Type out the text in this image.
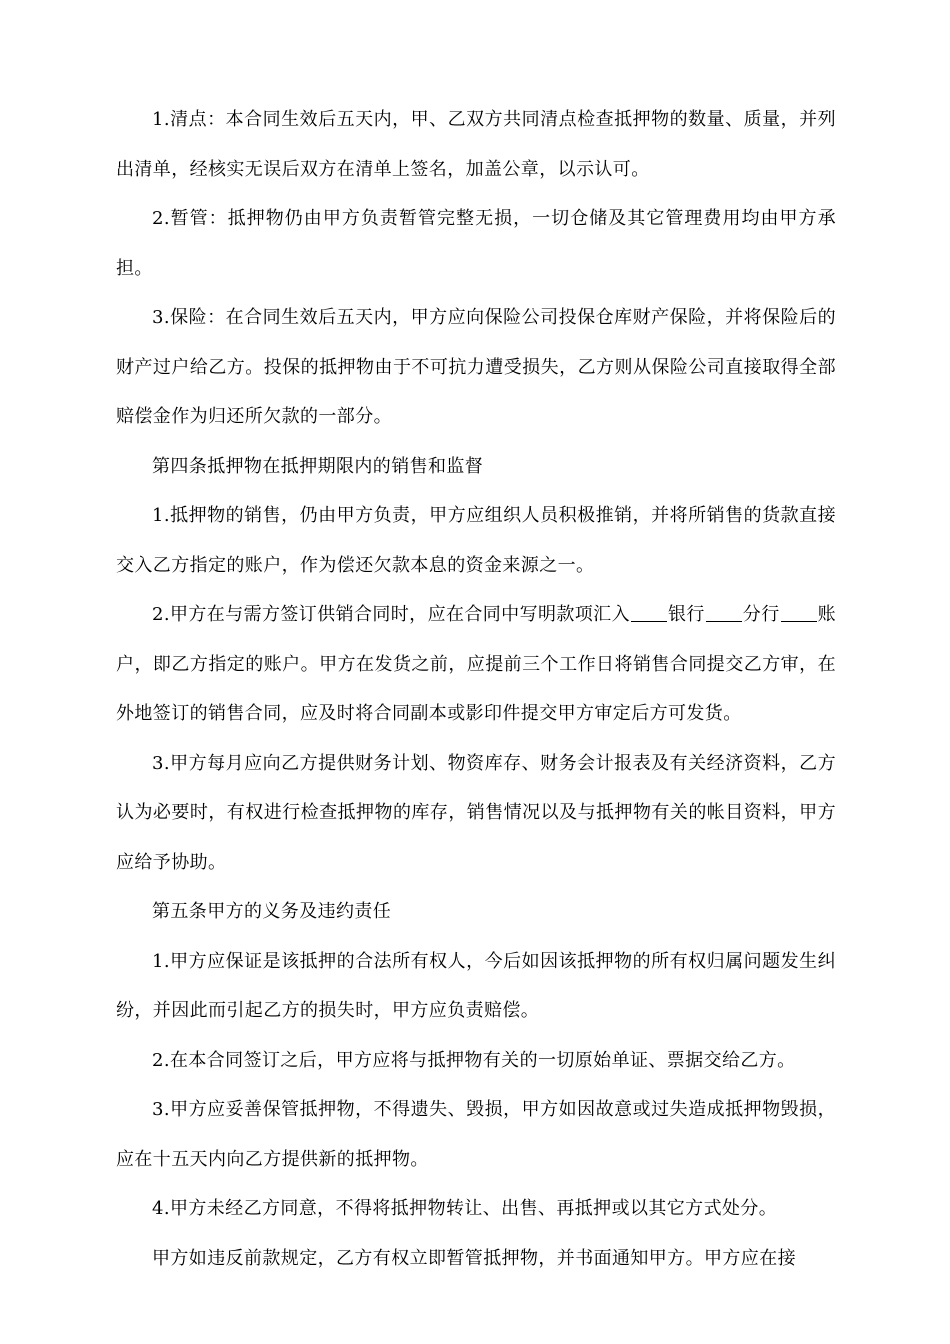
1.清点：本合同生效后五天内，甲、乙双方共同清点检查抵押物的数量、质量，并列出清单，经核实无误后双方在清单上签名，加盖公章，以示认可。

2.暂管：抵押物仍由甲方负责暂管完整无损，一切仓储及其它管理费用均由甲方承担。

3.保险：在合同生效后五天内，甲方应向保险公司投保仓库财产保险，并将保险后的财产过户给乙方。投保的抵押物由于不可抗力遭受损失，乙方则从保险公司直接取得全部赔偿金作为归还所欠款的一部分。

第四条抵押物在抵押期限内的销售和监督

1.抵押物的销售，仍由甲方负责，甲方应组织人员积极推销，并将所销售的货款直接交入乙方指定的账户，作为偿还欠款本息的资金来源之一。

2.甲方在与需方签订供销合同时，应在合同中写明款项汇入 银行 分行 账户，即乙方指定的账户。甲方在发货之前，应提前三个工作日将销售合同提交乙方审，在外地签订的销售合同，应及时将合同副本或影印件提交甲方审定后方可发货。

3.甲方每月应向乙方提供财务计划、物资库存、财务会计报表及有关经济资料，乙方认为必要时，有权进行检查抵押物的库存，销售情况以及与抵押物有关的帐目资料，甲方应给予协助。

第五条甲方的义务及违约责任

1.甲方应保证是该抵押的合法所有权人，今后如因该抵押物的所有权归属问题发生纠纷，并因此而引起乙方的损失时，甲方应负责赔偿。

2.在本合同签订之后，甲方应将与抵押物有关的一切原始单证、票据交给乙方。

3.甲方应妥善保管抵押物，不得遗失、毁损，甲方如因故意或过失造成抵押物毁损，应在十五天内向乙方提供新的抵押物。

4.甲方未经乙方同意，不得将抵押物转让、出售、再抵押或以其它方式处分。

甲方如违反前款规定，乙方有权立即暂管抵押物，并书面通知甲方。甲方应在接
